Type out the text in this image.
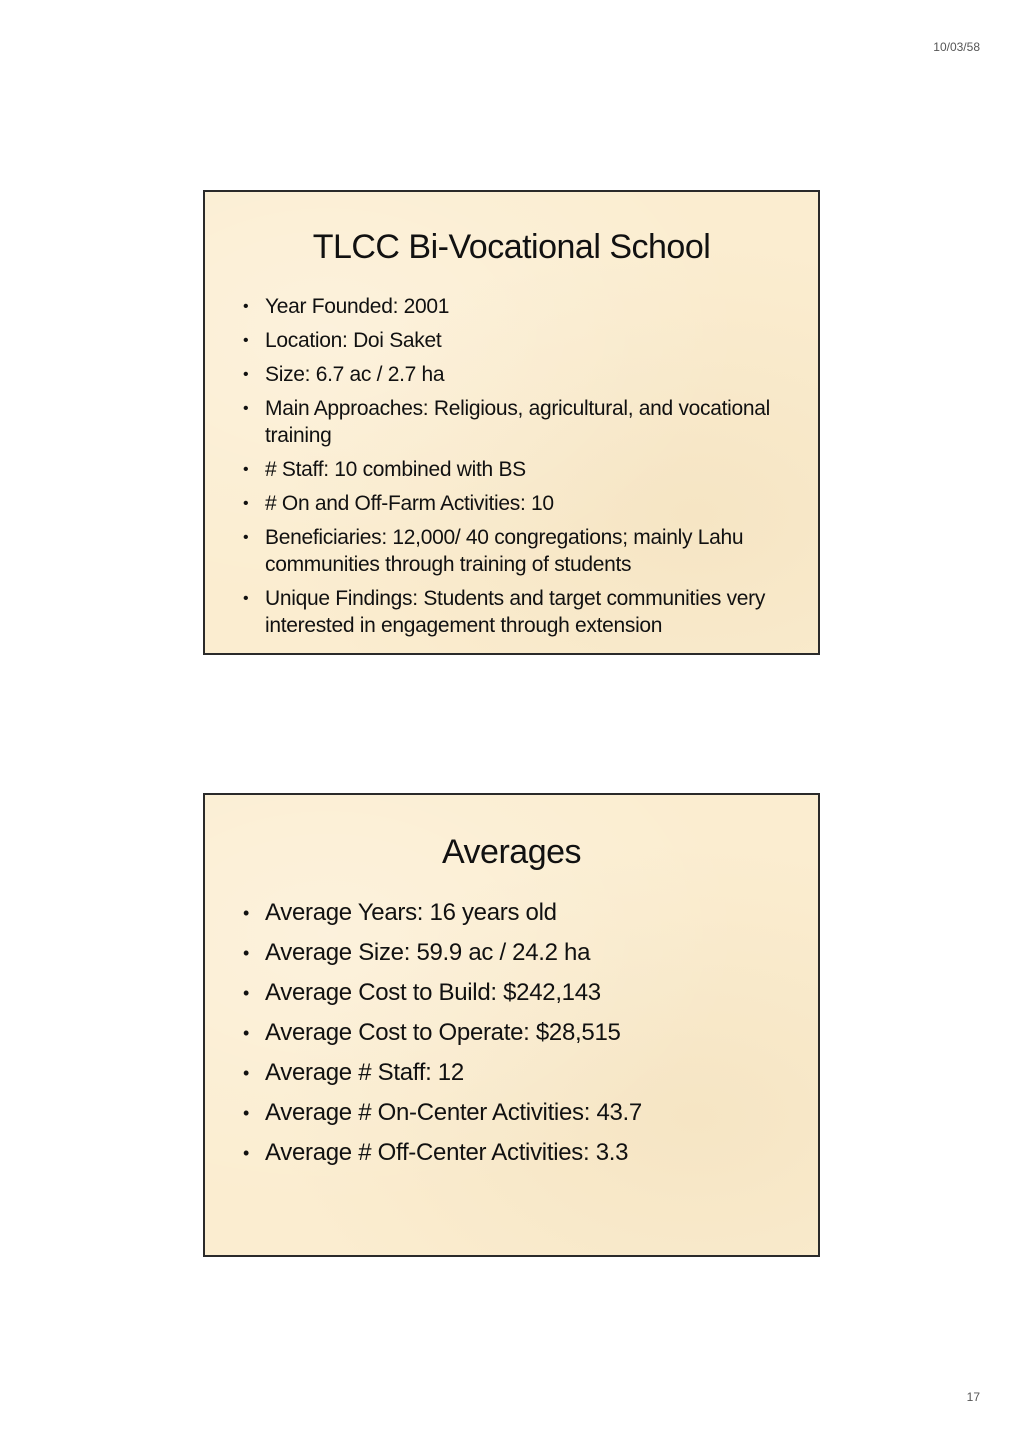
10/03/58
TLCC Bi-Vocational School
• Year Founded: 2001
• Location: Doi Saket
• Size: 6.7 ac / 2.7 ha
• Main Approaches: Religious, agricultural, and vocational training
• # Staff: 10 combined with BS
• # On and Off-Farm Activities: 10
• Beneficiaries: 12,000/ 40 congregations; mainly Lahu communities through training of students
• Unique Findings: Students and target communities very interested in engagement through extension
Averages
• Average Years: 16 years old
• Average Size: 59.9 ac / 24.2 ha
• Average Cost to Build: $242,143
• Average Cost to Operate: $28,515
• Average # Staff: 12
• Average # On-Center Activities: 43.7
• Average # Off-Center Activities: 3.3
17
